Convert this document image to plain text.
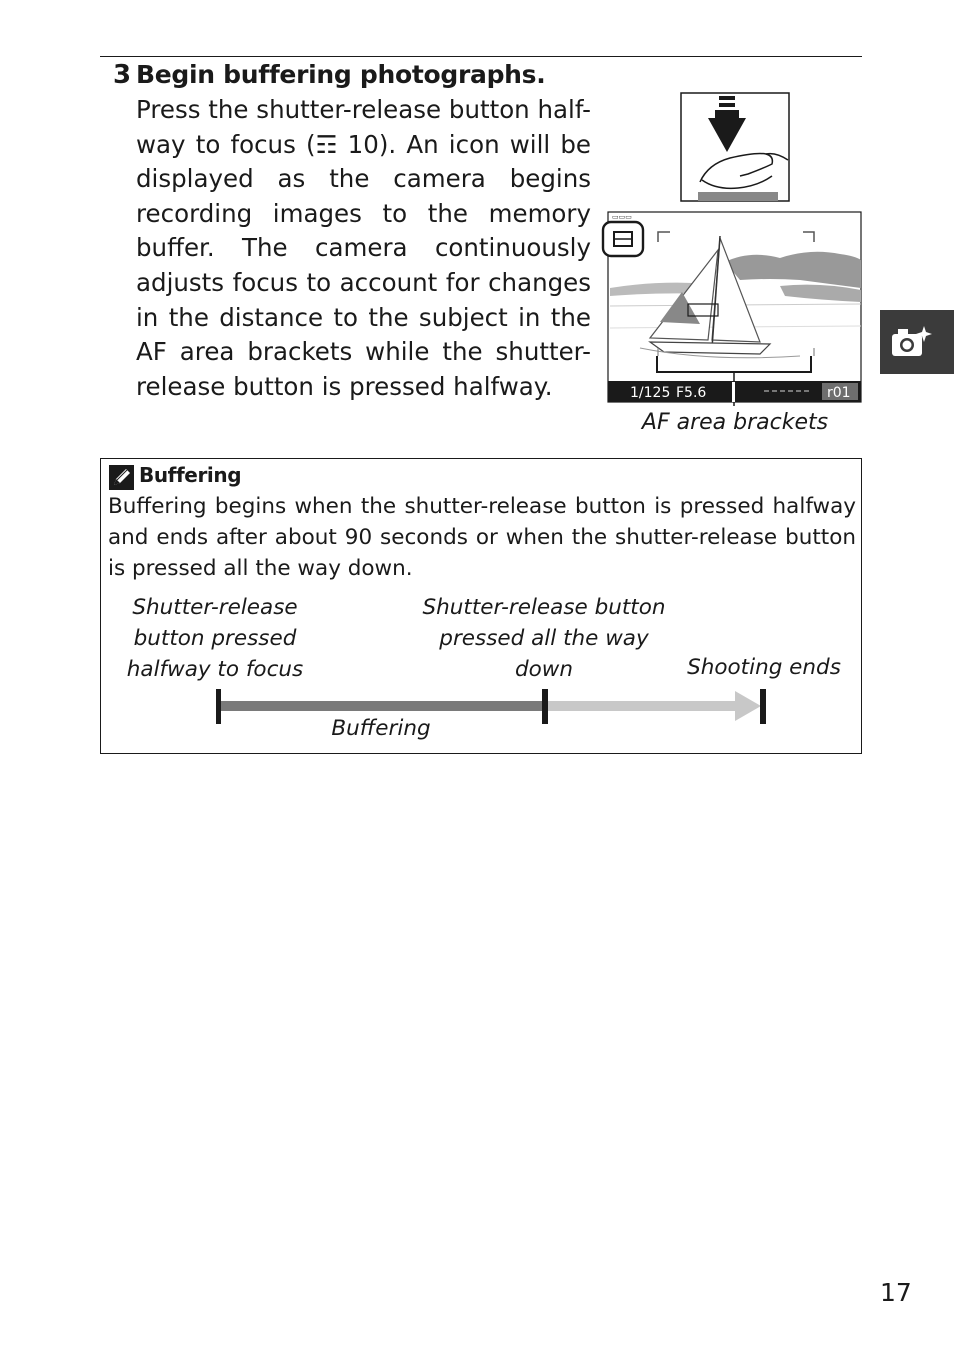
3 Begin buffering photographs.
Press the shutter-release button half-way to focus (☶ 10). An icon will be displayed as the camera begins recording images to the memory buffer. The camera continuously adjusts focus to account for changes in the distance to the subject in the AF area brackets while the shutter-release button is pressed halfway.
▭▭▭
1/125 F5.6	r01
AF area brackets
Buffering
Buffering begins when the shutter-release button is pressed halfway and ends after about 90 seconds or when the shutter-release button is pressed all the way down.
Shutter-release button pressed halfway to focus
Shutter-release button pressed all the way down	Shooting ends
Buffering
17
